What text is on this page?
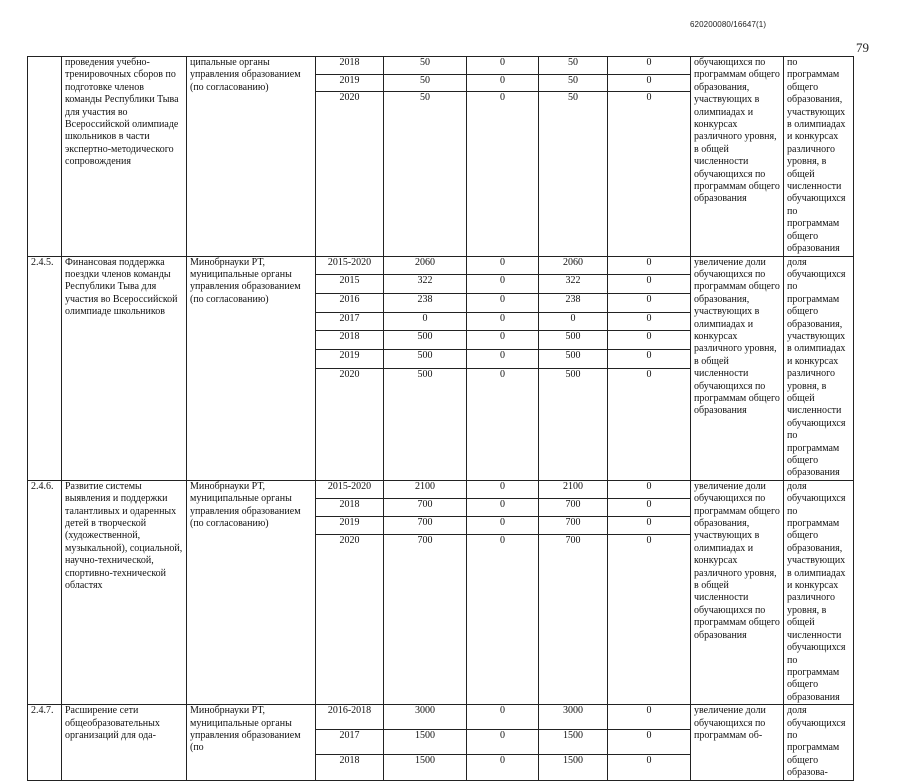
620200080/16647(1)
79
	проведения учебно-тренировочных сборов по подготовке членов команды Республики Тыва для участия во Всероссийской олимпиаде школьников в части экспертно-методического сопровождения	ципальные органы управления образованием (по согласованию)	2018	50	0	50	0	обучающихся по программам общего образования, участвующих в олимпиадах и конкурсах различного уровня, в общей численности обучающихся по программам общего образования	по программам общего образования, участвующих в олимпиадах и конкурсах различного уровня, в общей численности обучающихся по программам общего образования
			2019	50	0	50	0		
			2020	50	0	50	0		
2.4.5.	Финансовая поддержка поездки членов команды Республики Тыва для участия во Всероссийской олимпиаде школьников	Минобрнауки РТ, муниципальные органы управления образованием (по согласованию)	2015-2020	2060	0	2060	0	увеличение доли обучающихся по программам общего образования, участвующих в олимпиадах и конкурсах различного уровня, в общей численности обучающихся по программам общего образования	доля обучающихся по программам общего образования, участвующих в олимпиадах и конкурсах различного уровня, в общей численности обучающихся по программам общего образования
			2015	322	0	322	0		
			2016	238	0	238	0		
			2017	0	0	0	0		
			2018	500	0	500	0		
			2019	500	0	500	0		
			2020	500	0	500	0		
2.4.6.	Развитие системы выявления и поддержки талантливых и одаренных детей в творческой (художественной, музыкальной), социальной, научно-технической, спортивно-технической областях	Минобрнауки РТ, муниципальные органы управления образованием (по согласованию)	2015-2020	2100	0	2100	0	увеличение доли обучающихся по программам общего образования, участвующих в олимпиадах и конкурсах различного уровня, в общей численности обучающихся по программам общего образования	доля обучающихся по программам общего образования, участвующих в олимпиадах и конкурсах различного уровня, в общей численности обучающихся по программам общего образования
			2018	700	0	700	0		
			2019	700	0	700	0		
			2020	700	0	700	0		
2.4.7.	Расширение сети общеобразовательных организаций для ода-	Минобрнауки РТ, муниципальные органы управления образованием (по	2016-2018	3000	0	3000	0	увеличение доли обучающихся по программам об-	доля обучающихся по программам общего образова-
			2017	1500	0	1500	0		
			2018	1500	0	1500	0		
